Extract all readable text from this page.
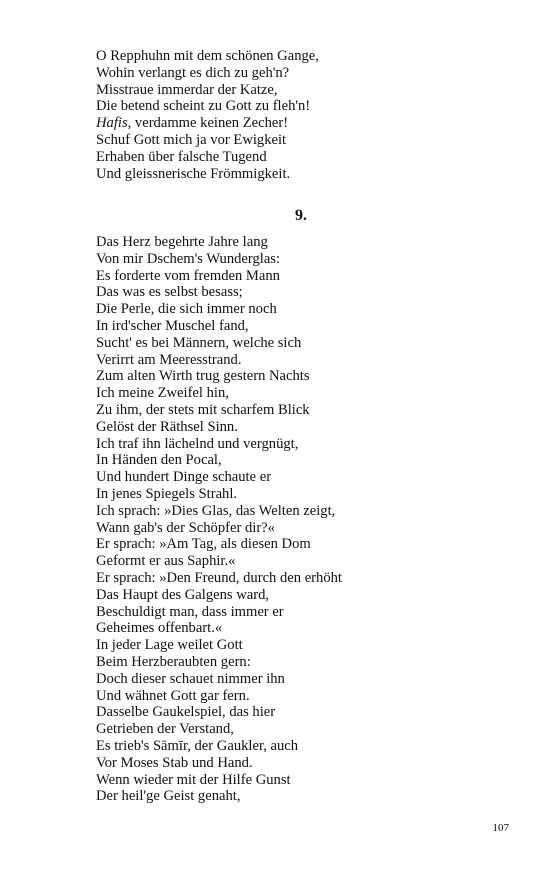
O Repphuhn mit dem schönen Gange,
Wohin verlangt es dich zu geh'n?
Misstraue immerdar der Katze,
Die betend scheint zu Gott zu fleh'n!
Hafis, verdamme keinen Zecher!
Schuf Gott mich ja vor Ewigkeit
Erhaben über falsche Tugend
Und gleissnerische Frömmigkeit.
9.
Das Herz begehrte Jahre lang
Von mir Dschem's Wunderglas:
Es forderte vom fremden Mann
Das was es selbst besass;
Die Perle, die sich immer noch
In ird'scher Muschel fand,
Sucht' es bei Männern, welche sich
Verirrt am Meeresstrand.
Zum alten Wirth trug gestern Nachts
Ich meine Zweifel hin,
Zu ihm, der stets mit scharfem Blick
Gelöst der Räthsel Sinn.
Ich traf ihn lächelnd und vergnügt,
In Händen den Pocal,
Und hundert Dinge schaute er
In jenes Spiegels Strahl.
Ich sprach: »Dies Glas, das Welten zeigt,
Wann gab's der Schöpfer dir?«
Er sprach: »Am Tag, als diesen Dom
Geformt er aus Saphir.«
Er sprach: »Den Freund, durch den erhöht
Das Haupt des Galgens ward,
Beschuldigt man, dass immer er
Geheimes offenbart.«
In jeder Lage weilet Gott
Beim Herzberaubten gern:
Doch dieser schauet nimmer ihn
Und wähnet Gott gar fern.
Dasselbe Gaukelspiel, das hier
Getrieben der Verstand,
Es trieb's Sāmīr, der Gaukler, auch
Vor Moses Stab und Hand.
Wenn wieder mit der Hilfe Gunst
Der heil'ge Geist genaht,
107
